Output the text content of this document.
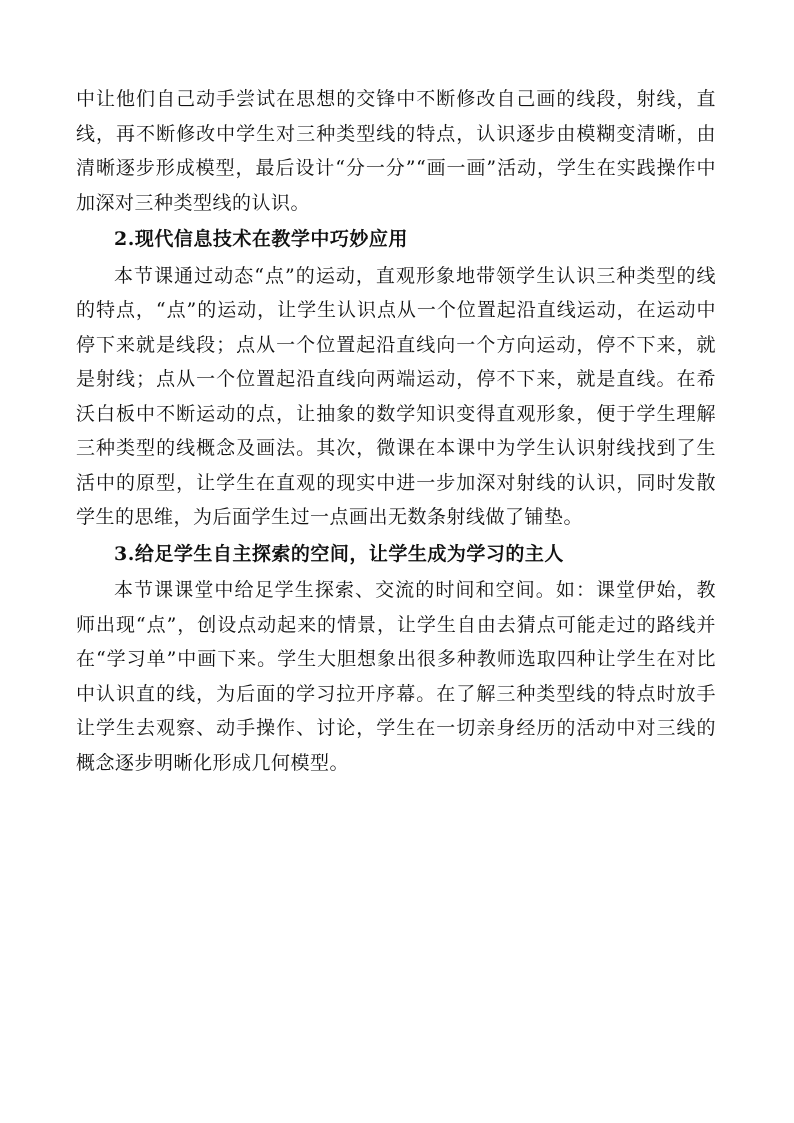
中让他们自己动手尝试在思想的交锋中不断修改自己画的线段，射线，直线，再不断修改中学生对三种类型线的特点，认识逐步由模糊变清晰，由清晰逐步形成模型，最后设计“分一分”“画一画”活动，学生在实践操作中加深对三种类型线的认识。

2.现代信息技术在教学中巧妙应用

本节课通过动态“点”的运动，直观形象地带领学生认识三种类型的线的特点，“点”的运动，让学生认识点从一个位置起沿直线运动，在运动中停下来就是线段；点从一个位置起沿直线向一个方向运动，停不下来，就是射线；点从一个位置起沿直线向两端运动，停不下来，就是直线。在希沃白板中不断运动的点，让抽象的数学知识变得直观形象，便于学生理解三种类型的线概念及画法。其次，微课在本课中为学生认识射线找到了生活中的原型，让学生在直观的现实中进一步加深对射线的认识，同时发散学生的思维，为后面学生过一点画出无数条射线做了铺垫。

3.给足学生自主探索的空间，让学生成为学习的主人

本节课课堂中给足学生探索、交流的时间和空间。如：课堂伊始，教师出现“点”，创设点动起来的情景，让学生自由去猜点可能走过的路线并在“学习单”中画下来。学生大胆想象出很多种教师选取四种让学生在对比中认识直的线，为后面的学习拉开序幕。在了解三种类型线的特点时放手让学生去观察、动手操作、讨论，学生在一切亲身经历的活动中对三线的概念逐步明晰化形成几何模型。
